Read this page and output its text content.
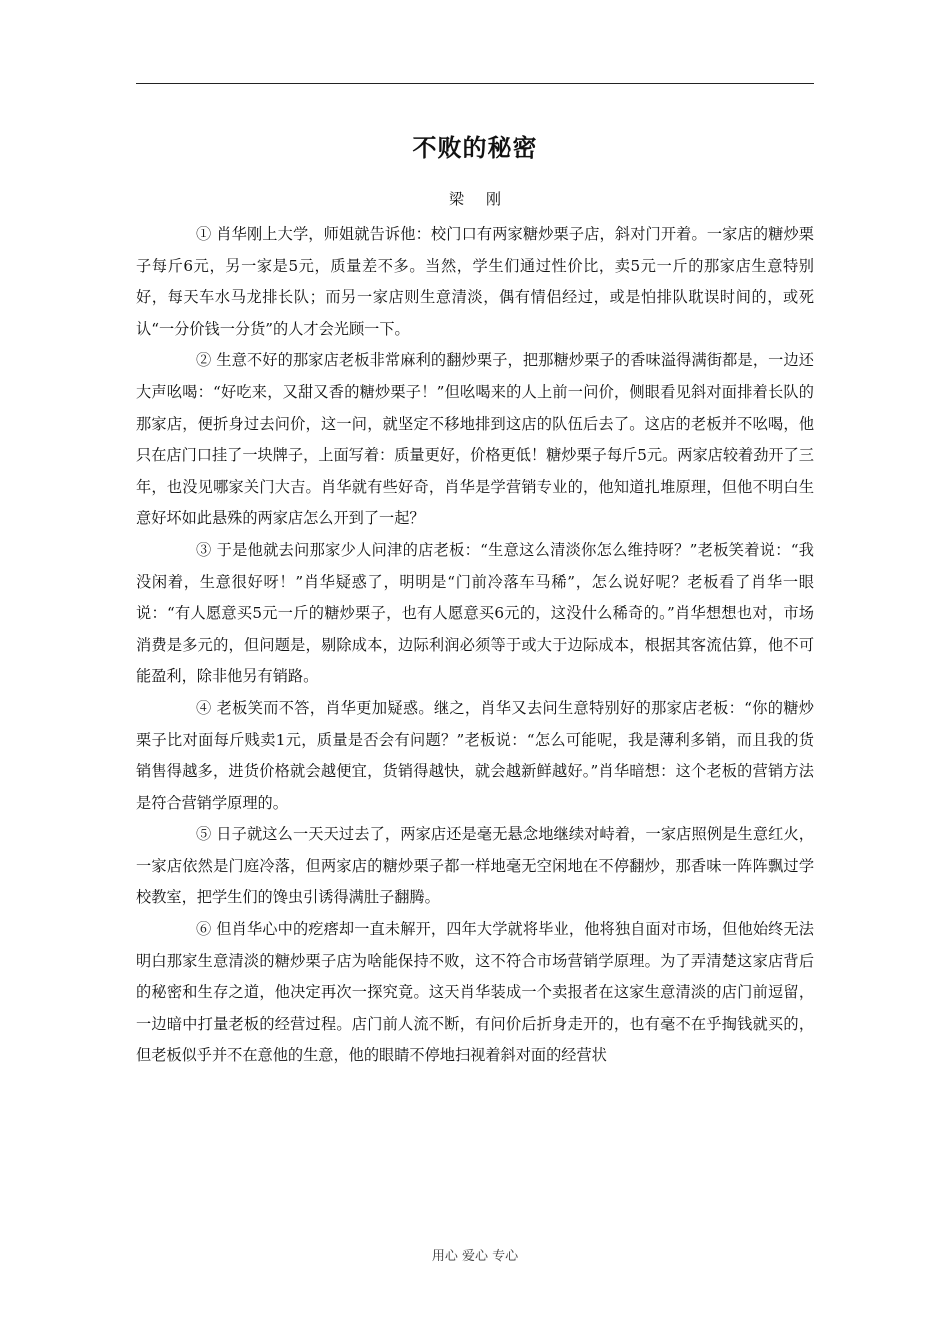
不败的秘密
梁刚

① 肖华刚上大学，师姐就告诉他：校门口有两家糖炒栗子店，斜对门开着。一家店的糖炒栗子每斤6元，另一家是5元，质量差不多。当然，学生们通过性价比，卖5元一斤的那家店生意特别好，每天车水马龙排长队；而另一家店则生意清淡，偶有情侣经过，或是怕排队耽误时间的，或死认“一分价钱一分货”的人才会光顾一下。

② 生意不好的那家店老板非常麻利的翻炒栗子，把那糖炒栗子的香味溢得满街都是，一边还大声吆喝：“好吃来，又甜又香的糖炒栗子！”但吆喝来的人上前一问价，侧眼看见斜对面排着长队的那家店，便折身过去问价，这一问，就坚定不移地排到这店的队伍后去了。这店的老板并不吆喝，他只在店门口挂了一块牌子，上面写着：质量更好，价格更低！糖炒栗子每斤5元。两家店较着劲开了三年，也没见哪家关门大吉。肖华就有些好奇，肖华是学营销专业的，他知道扎堆原理，但他不明白生意好坏如此悬殊的两家店怎么开到了一起？

③ 于是他就去问那家少人问津的店老板：“生意这么清淡你怎么维持呀？”老板笑着说：“我没闲着，生意很好呀！”肖华疑惑了，明明是“门前冷落车马稀”，怎么说好呢？老板看了肖华一眼说：“有人愿意买5元一斤的糖炒栗子，也有人愿意买6元的，这没什么稀奇的。”肖华想想也对，市场消费是多元的，但问题是，剔除成本，边际利润必须等于或大于边际成本，根据其客流估算，他不可能盈利，除非他另有销路。

④ 老板笑而不答，肖华更加疑惑。继之，肖华又去问生意特别好的那家店老板：“你的糖炒栗子比对面每斤贱卖1元，质量是否会有问题？”老板说：“怎么可能呢，我是薄利多销，而且我的货销售得越多，进货价格就会越便宜，货销得越快，就会越新鲜越好。”肖华暗想：这个老板的营销方法是符合营销学原理的。

⑤ 日子就这么一天天过去了，两家店还是毫无悬念地继续对峙着，一家店照例是生意红火，一家店依然是门庭冷落，但两家店的糖炒栗子都一样地毫无空闲地在不停翻炒，那香味一阵阵飘过学校教室，把学生们的馋虫引诱得满肚子翻腾。

⑥ 但肖华心中的疙瘩却一直未解开，四年大学就将毕业，他将独自面对市场，但他始终无法明白那家生意清淡的糖炒栗子店为啥能保持不败，这不符合市场营销学原理。为了弄清楚这家店背后的秘密和生存之道，他决定再次一探究竟。这天肖华装成一个卖报者在这家生意清淡的店门前逗留，一边暗中打量老板的经营过程。店门前人流不断，有问价后折身走开的，也有毫不在乎掏钱就买的，但老板似乎并不在意他的生意，他的眼睛不停地扫视着斜对面的经营状

用心 爱心 专心
